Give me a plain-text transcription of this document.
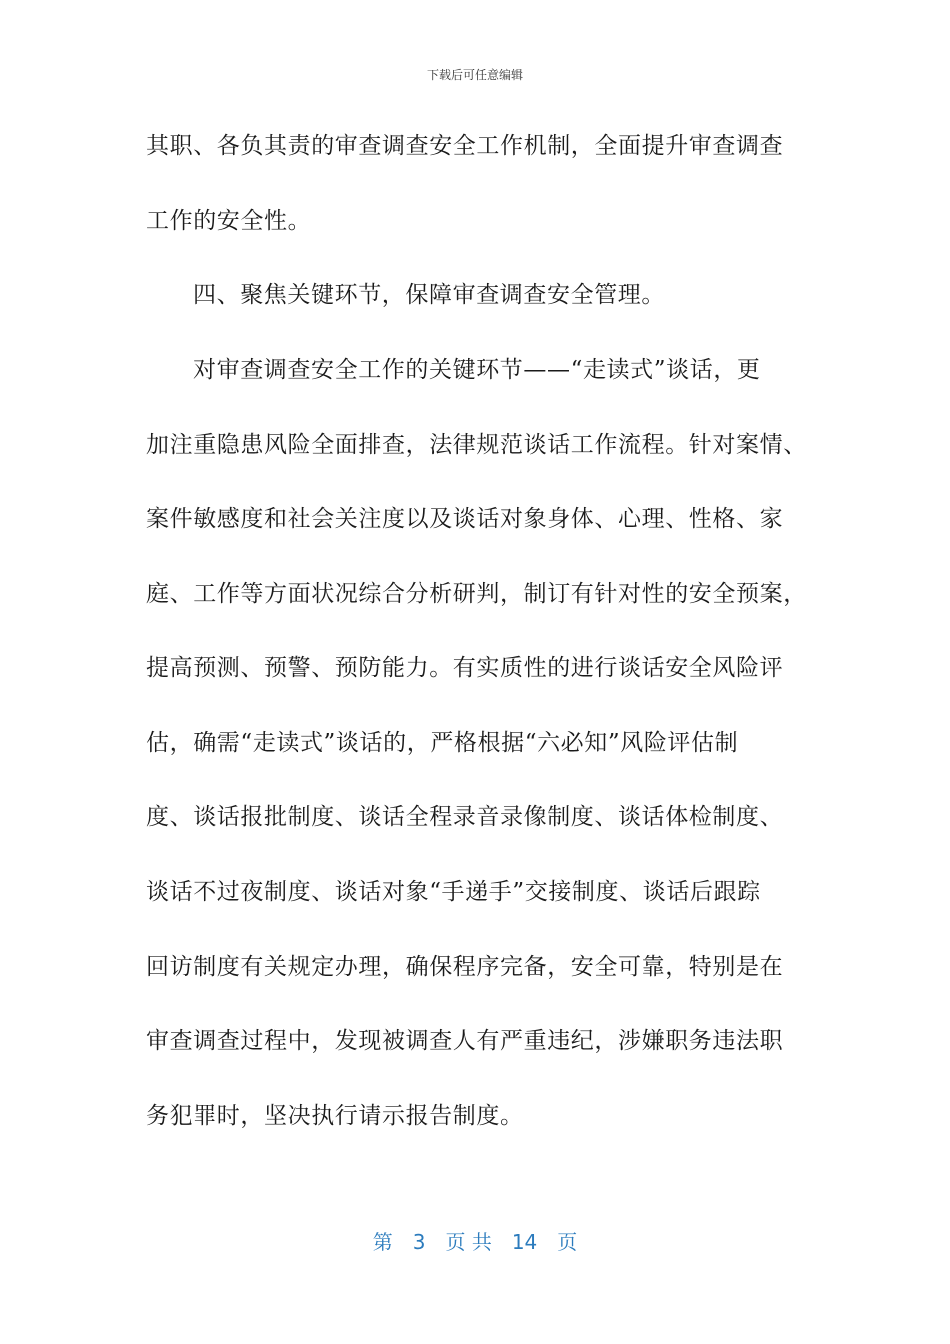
下载后可任意编辑
其职、各负其责的审查调查安全工作机制，全面提升审查调查
工作的安全性。
四、聚焦关键环节，保障审查调查安全管理。
对审查调查安全工作的关键环节——“走读式”谈话，更
加注重隐患风险全面排查，法律规范谈话工作流程。针对案情、
案件敏感度和社会关注度以及谈话对象身体、心理、性格、家
庭、工作等方面状况综合分析研判，制订有针对性的安全预案，
提高预测、预警、预防能力。有实质性的进行谈话安全风险评
估，确需“走读式”谈话的，严格根据“六必知”风险评估制
度、谈话报批制度、谈话全程录音录像制度、谈话体检制度、
谈话不过夜制度、谈话对象“手递手”交接制度、谈话后跟踪
回访制度有关规定办理，确保程序完备，安全可靠，特别是在
审查调查过程中，发现被调查人有严重违纪，涉嫌职务违法职
务犯罪时，坚决执行请示报告制度。
第　3　页 共　14　页
